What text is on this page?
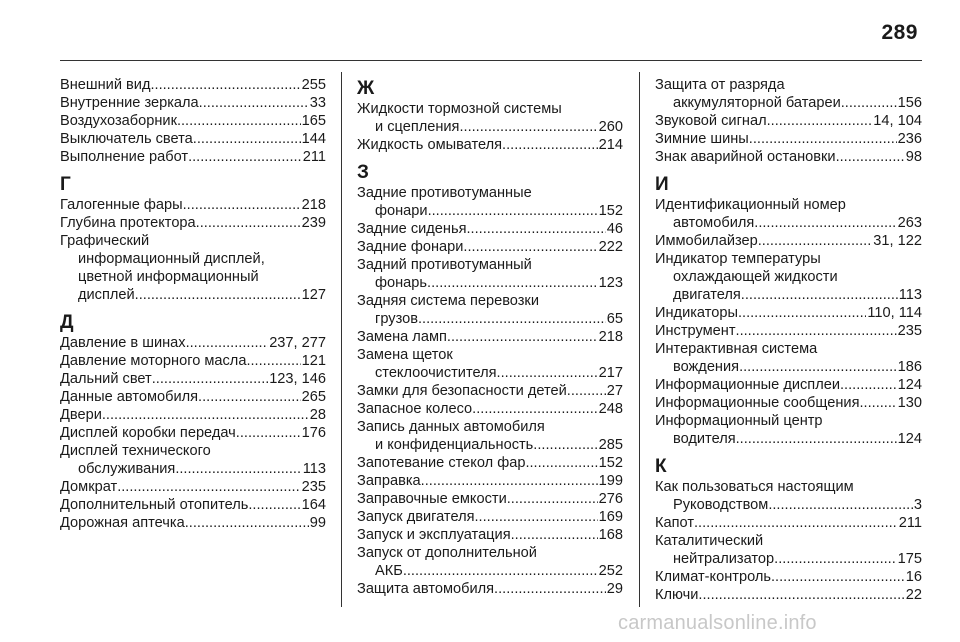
289
Внешний вид .....	255
Внутренние зеркала .....	33
Воздухозаборник .....	165
Выключатель света .....	144
Выполнение работ .....	211
Г
Галогенные фары .....	218
Глубина протектора .....	239
Графический
информационный дисплей,
цветной информационный
дисплей .....	127
Д
Давление в шинах .....	237, 277
Давление моторного масла .....	121
Дальний свет .....	123, 146
Данные автомобиля .....	265
Двери .....	28
Дисплей коробки передач .....	176
Дисплей технического
обслуживания .....	113
Домкрат .....	235
Дополнительный отопитель .....	164
Дорожная аптечка .....	99
Ж
Жидкости тормозной системы
и сцепления .....	260
Жидкость омывателя .....	214
З
Задние противотуманные
фонари .....	152
Задние сиденья .....	46
Задние фонари .....	222
Задний противотуманный
фонарь .....	123
Задняя система перевозки
грузов .....	65
Замена ламп .....	218
Замена щеток
стеклоочистителя .....	217
Замки для безопасности детей .....	27
Запасное колесо .....	248
Запись данных автомобиля
и конфиденциальность .....	285
Запотевание стекол фар .....	152
Заправка .....	199
Заправочные емкости .....	276
Запуск двигателя .....	169
Запуск и эксплуатация .....	168
Запуск от дополнительной
АКБ .....	252
Защита автомобиля .....	29
Защита от разряда
аккумуляторной батареи .....	156
Звуковой сигнал .....	14, 104
Зимние шины .....	236
Знак аварийной остановки .....	98
И
Идентификационный номер
автомобиля .....	263
Иммобилайзер .....	31, 122
Индикатор температуры
охлаждающей жидкости
двигателя .....	113
Индикаторы .....	110, 114
Инструмент .....	235
Интерактивная система
вождения .....	186
Информационные дисплеи .....	124
Информационные сообщения .....	130
Информационный центр
водителя .....	124
К
Как пользоваться настоящим
Руководством .....	3
Капот .....	211
Каталитический
нейтрализатор .....	175
Климат-контроль .....	16
Ключи .....	22
carmanualsonline.info
